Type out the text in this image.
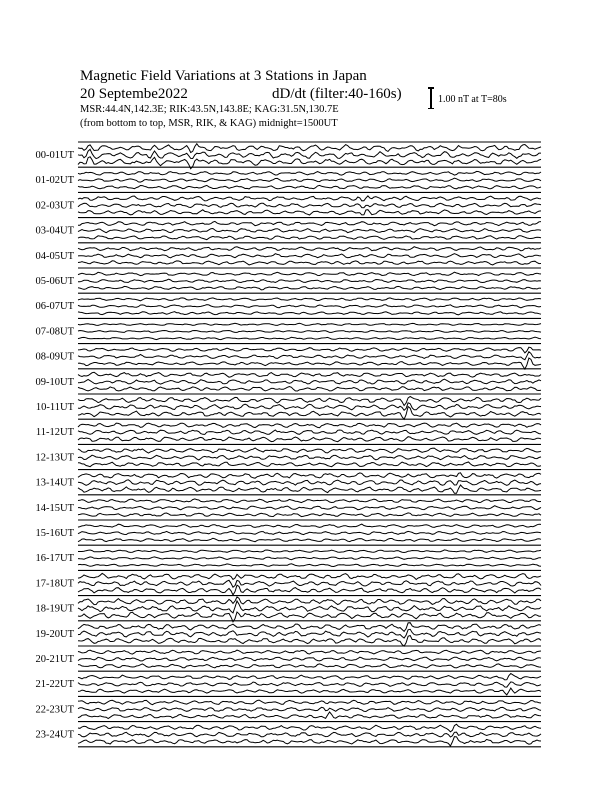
Magnetic Field Variations at 3 Stations in Japan
20 Septembe2022	dD/dt (filter:40-160s)
MSR:44.4N,142.3E; RIK:43.5N,143.8E; KAG:31.5N,130.7E
(from bottom to top, MSR, RIK, & KAG) midnight=1500UT
1.00 nT at T=80s
00-01UT
01-02UT
02-03UT
03-04UT
04-05UT
05-06UT
06-07UT
07-08UT
08-09UT
09-10UT
10-11UT
11-12UT
12-13UT
13-14UT
14-15UT
15-16UT
16-17UT
17-18UT
18-19UT
19-20UT
20-21UT
21-22UT
22-23UT
23-24UT
